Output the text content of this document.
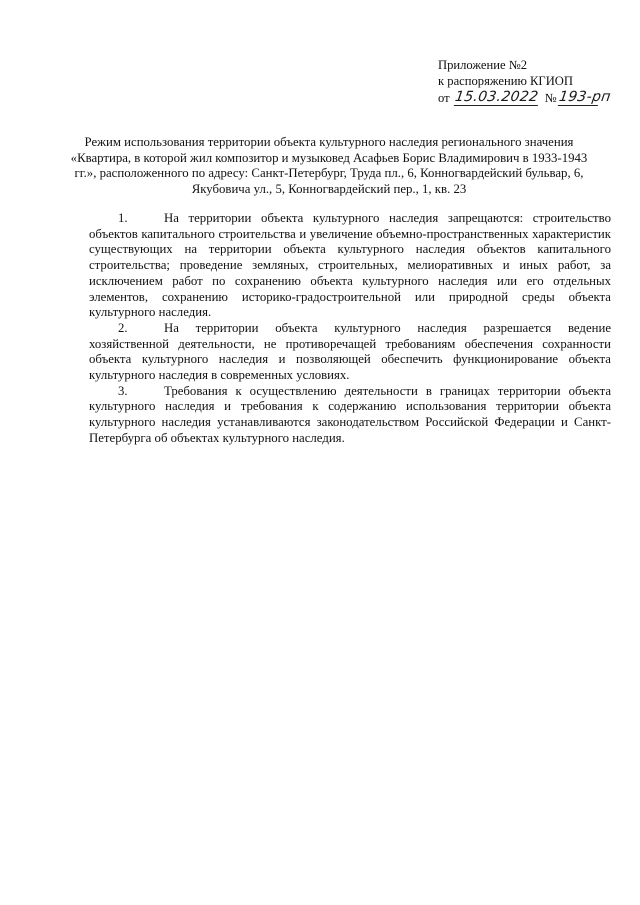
Приложение №2
к распоряжению КГИОП
от 15.03.2022 № 193-рп
Режим использования территории объекта культурного наследия регионального значения «Квартира, в которой жил композитор и музыковед Асафьев Борис Владимирович в 1933-1943 гг.», расположенного по адресу: Санкт-Петербург, Труда пл., 6, Конногвардейский бульвар, 6, Якубовича ул., 5, Конногвардейский пер., 1, кв. 23

1.	На территории объекта культурного наследия запрещаются: строительство объектов капитального строительства и увеличение объемно-пространственных характеристик существующих на территории объекта культурного наследия объектов капитального строительства; проведение земляных, строительных, мелиоративных и иных работ, за исключением работ по сохранению объекта культурного наследия или его отдельных элементов, сохранению историко-градостроительной или природной среды объекта культурного наследия.

2.	На территории объекта культурного наследия разрешается ведение хозяйственной деятельности, не противоречащей требованиям обеспечения сохранности объекта культурного наследия и позволяющей обеспечить функционирование объекта культурного наследия в современных условиях.

3.	Требования к осуществлению деятельности в границах территории объекта культурного наследия и требования к содержанию использования территории объекта культурного наследия устанавливаются законодательством Российской Федерации и Санкт-Петербурга об объектах культурного наследия.
